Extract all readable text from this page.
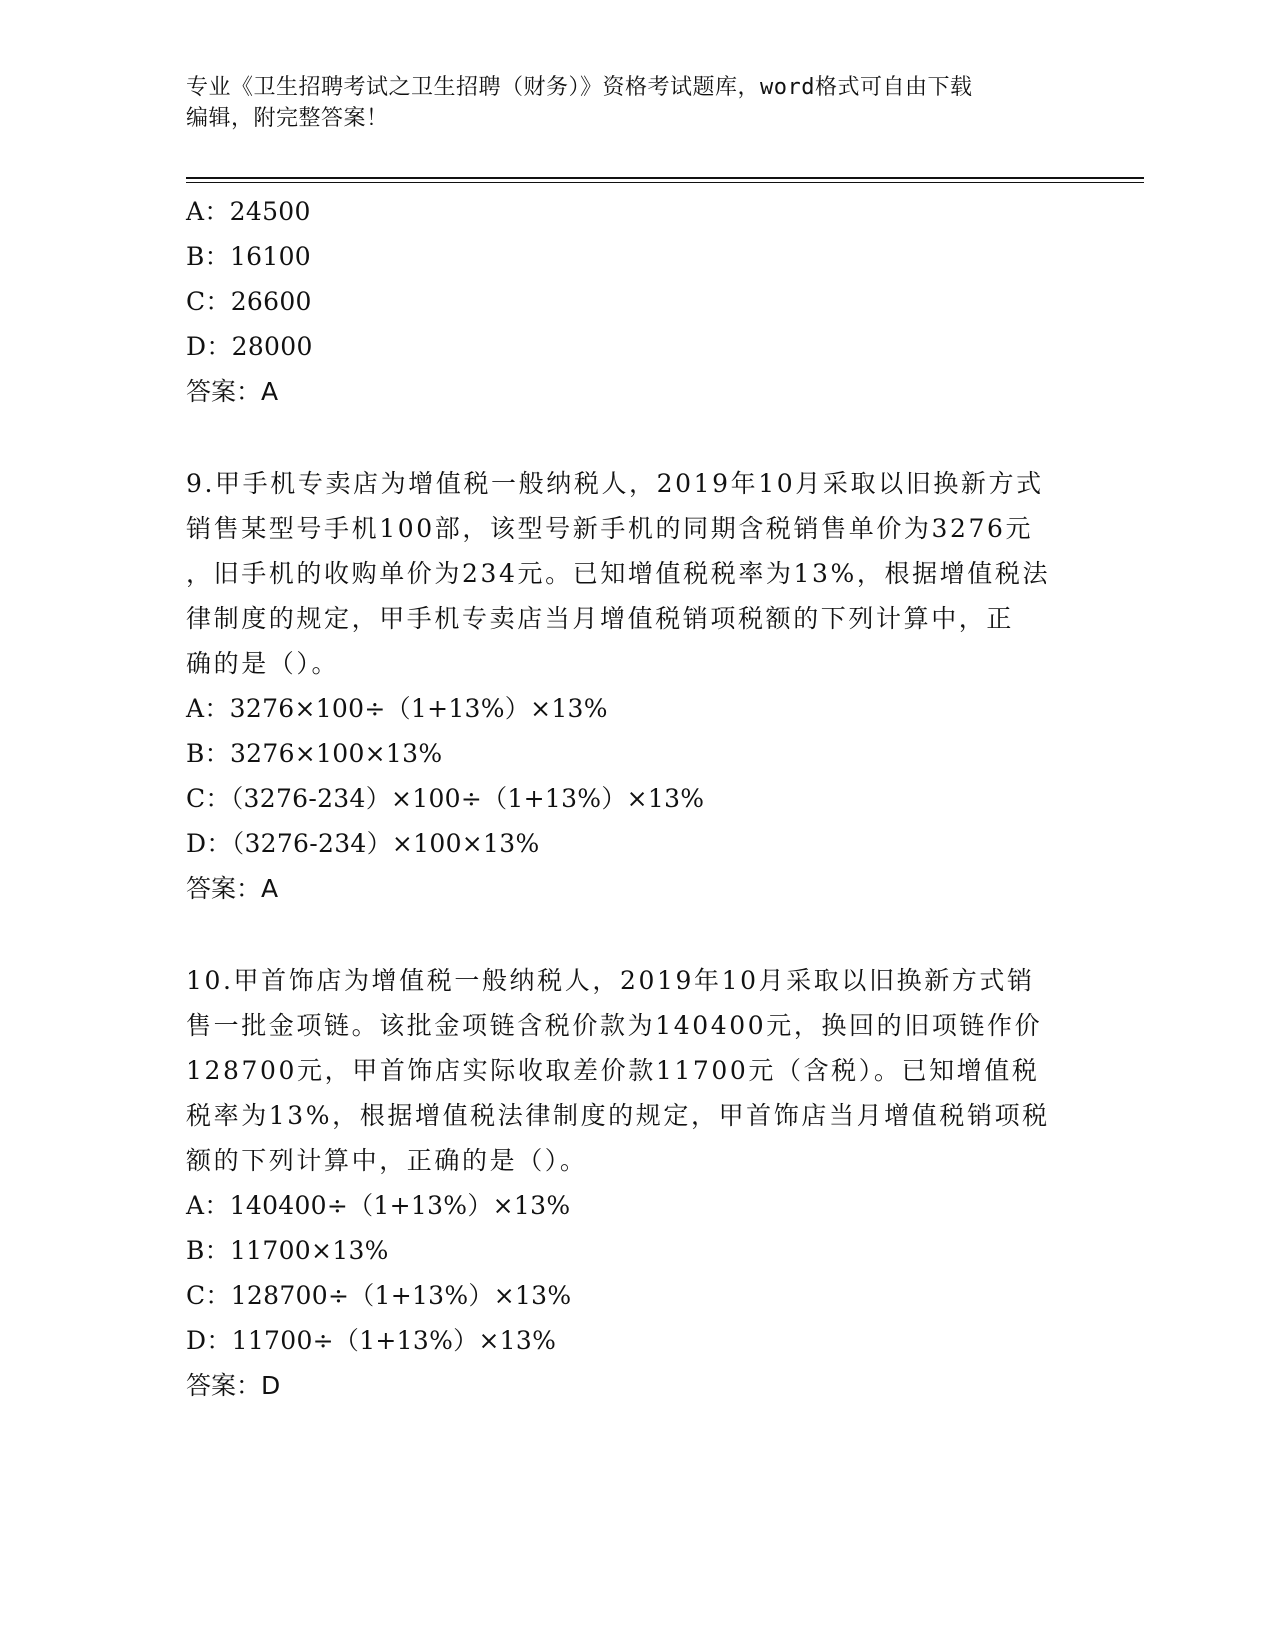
专业《卫生招聘考试之卫生招聘（财务）》资格考试题库，word格式可自由下载
编辑，附完整答案！
A：24500
B：16100
C：26600
D：28000
答案：A
9.甲手机专卖店为增值税一般纳税人，2019年10月采取以旧换新方式
销售某型号手机100部，该型号新手机的同期含税销售单价为3276元
，旧手机的收购单价为234元。已知增值税税率为13%，根据增值税法
律制度的规定，甲手机专卖店当月增值税销项税额的下列计算中，正
确的是（）。
A：3276×100÷（1+13%）×13%
B：3276×100×13%
C：（3276-234）×100÷（1+13%）×13%
D：（3276-234）×100×13%
答案：A
10.甲首饰店为增值税一般纳税人，2019年10月采取以旧换新方式销
售一批金项链。该批金项链含税价款为140400元，换回的旧项链作价
128700元，甲首饰店实际收取差价款11700元（含税）。已知增值税
税率为13%，根据增值税法律制度的规定，甲首饰店当月增值税销项税
额的下列计算中，正确的是（）。
A：140400÷（1+13%）×13%
B：11700×13%
C：128700÷（1+13%）×13%
D：11700÷（1+13%）×13%
答案：D
